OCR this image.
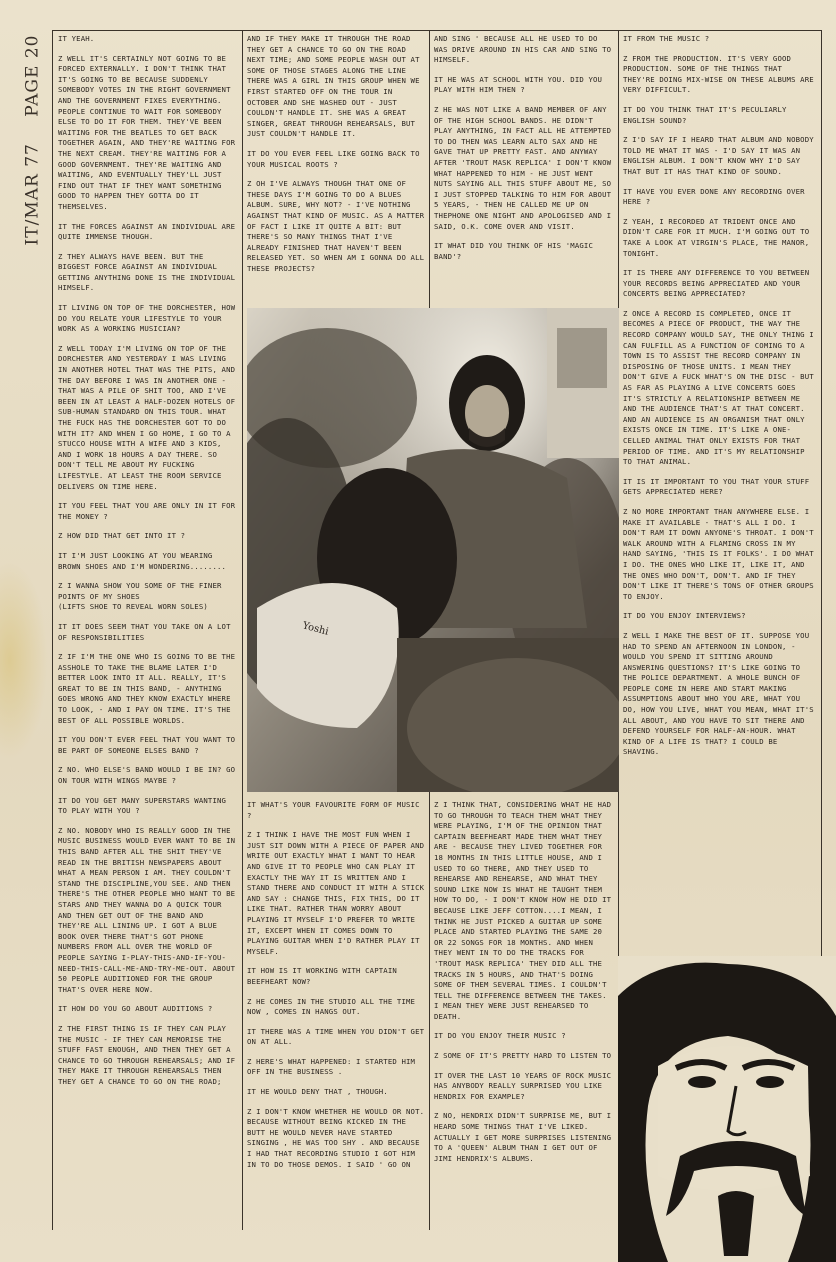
IT/MAR 77 PAGE 20 IT YEAH.

Z WELL IT'S CERTAINLY NOT GOING TO BE FORCED EXTERNALLY. I DON'T THINK THAT IT'S GOING TO BE BECAUSE SUDDENLY SOMEBODY VOTES IN THE RIGHT GOVERNMENT AND THE GOVERNMENT FIXES EVERYTHING. PEOPLE CONTINUE TO WAIT FOR SOMEBODY ELSE TO DO IT FOR THEM. THEY'VE BEEN WAITING FOR THE BEATLES TO GET BACK TOGETHER AGAIN, AND THEY'RE WAITING FOR THE NEXT CREAM. THEY'RE WAITING FOR A GOOD GOVERNMENT. THEY'RE WAITING AND WAITING, AND EVENTUALLY THEY'LL JUST FIND OUT THAT IF THEY WANT SOMETHING GOOD TO HAPPEN THEY GOTTA DO IT THEMSELVES.

IT THE FORCES AGAINST AN INDIVIDUAL ARE QUITE IMMENSE THOUGH.

Z THEY ALWAYS HAVE BEEN. BUT THE BIGGEST FORCE AGAINST AN INDIVIDUAL GETTING ANYTHING DONE IS THE INDIVIDUAL HIMSELF.

IT LIVING ON TOP OF THE DORCHESTER, HOW DO YOU RELATE YOUR LIFESTYLE TO YOUR WORK AS A WORKING MUSICIAN?

Z WELL TODAY I'M LIVING ON TOP OF THE DORCHESTER AND YESTERDAY I WAS LIVING IN ANOTHER HOTEL THAT WAS THE PITS, AND THE DAY BEFORE I WAS IN ANOTHER ONE - THAT WAS A PILE OF SHIT TOO, AND I'VE BEEN IN AT LEAST A HALF-DOZEN HOTELS OF SUB-HUMAN STANDARD ON THIS TOUR. WHAT THE FUCK HAS THE DORCHESTER GOT TO DO WITH IT? AND WHEN I GO HOME, I GO TO A STUCCO HOUSE WITH A WIFE AND 3 KIDS, AND I WORK 18 HOURS A DAY THERE. SO DON'T TELL ME ABOUT MY FUCKING LIFESTYLE. AT LEAST THE ROOM SERVICE DELIVERS ON TIME HERE.

IT YOU FEEL THAT YOU ARE ONLY IN IT FOR THE MONEY ?

Z HOW DID THAT GET INTO IT ?

IT I'M JUST LOOKING AT YOU WEARING BROWN SHOES AND I'M WONDERING........

Z I WANNA SHOW YOU SOME OF THE FINER POINTS OF MY SHOES
(LIFTS SHOE TO REVEAL WORN SOLES)

IT IT DOES SEEM THAT YOU TAKE ON A LOT OF RESPONSIBILITIES

Z IF I'M THE ONE WHO IS GOING TO BE THE ASSHOLE TO TAKE THE BLAME LATER I'D BETTER LOOK INTO IT ALL. REALLY, IT'S GREAT TO BE IN THIS BAND, - ANYTHING GOES WRONG AND THEY KNOW EXACTLY WHERE TO LOOK, - AND I PAY ON TIME. IT'S THE BEST OF ALL POSSIBLE WORLDS.

IT YOU DON'T EVER FEEL THAT YOU WANT TO BE PART OF SOMEONE ELSES BAND ?

Z NO. WHO ELSE'S BAND WOULD I BE IN? GO ON TOUR WITH WINGS MAYBE ?

IT DO YOU GET MANY SUPERSTARS WANTING TO PLAY WITH YOU ?

Z NO. NOBODY WHO IS REALLY GOOD IN THE MUSIC BUSINESS WOULD EVER WANT TO BE IN THIS BAND AFTER ALL THE SHIT THEY'VE READ IN THE BRITISH NEWSPAPERS ABOUT WHAT A MEAN PERSON I AM. THEY COULDN'T STAND THE DISCIPLINE,YOU SEE. AND THEN THERE'S THE OTHER PEOPLE WHO WANT TO BE STARS AND THEY WANNA DO A QUICK TOUR AND THEN GET OUT OF THE BAND AND THEY'RE ALL LINING UP. I GOT A BLUE BOOK OVER THERE THAT'S GOT PHONE NUMBERS FROM ALL OVER THE WORLD OF PEOPLE SAYING I-PLAY-THIS-AND-IF-YOU-NEED-THIS-CALL-ME-AND-TRY-ME-OUT. ABOUT 50 PEOPLE AUDITIONED FOR THE GROUP THAT'S OVER HERE NOW.

IT HOW DO YOU GO ABOUT AUDITIONS ?

Z THE FIRST THING IS IF THEY CAN PLAY THE MUSIC - IF THEY CAN MEMORISE THE STUFF FAST ENOUGH, AND THEN THEY GET A CHANCE TO GO THROUGH REHEARSALS; AND IF THEY MAKE IT THROUGH REHEARSALS THEN THEY GET A CHANCE TO GO ON THE ROAD;

AND IF THEY MAKE IT THROUGH THE ROAD THEY GET A CHANCE TO GO ON THE ROAD NEXT TIME; AND SOME PEOPLE WASH OUT AT SOME OF THOSE STAGES ALONG THE LINE THERE WAS A GIRL IN THIS GROUP WHEN WE FIRST STARTED OFF ON THE TOUR IN OCTOBER AND SHE WASHED OUT - JUST COULDN'T HANDLE IT. SHE WAS A GREAT SINGER, GREAT THROUGH REHEARSALS, BUT JUST COULDN'T HANDLE IT.

IT DO YOU EVER FEEL LIKE GOING BACK TO YOUR MUSICAL ROOTS ?

Z OH I'VE ALWAYS THOUGH THAT ONE OF THESE DAYS I'M GOING TO DO A BLUES ALBUM. SURE, WHY NOT? - I'VE NOTHING AGAINST THAT KIND OF MUSIC. AS A MATTER OF FACT I LIKE IT QUITE A BIT: BUT THERE'S SO MANY THINGS THAT I'VE ALREADY FINISHED THAT HAVEN'T BEEN RELEASED YET. SO WHEN AM I GONNA DO ALL THESE PROJECTS?

Yoshi

IT WHAT'S YOUR FAVOURITE FORM OF MUSIC ?

Z I THINK I HAVE THE MOST FUN WHEN I JUST SIT DOWN WITH A PIECE OF PAPER AND WRITE OUT EXACTLY WHAT I WANT TO HEAR AND GIVE IT TO PEOPLE WHO CAN PLAY IT EXACTLY THE WAY IT IS WRITTEN AND I STAND THERE AND CONDUCT IT WITH A STICK AND SAY : CHANGE THIS, FIX THIS, DO IT LIKE THAT. RATHER THAN WORRY ABOUT PLAYING IT MYSELF I'D PREFER TO WRITE IT, EXCEPT WHEN IT COMES DOWN TO PLAYING GUITAR WHEN I'D RATHER PLAY IT MYSELF.

IT HOW IS IT WORKING WITH CAPTAIN BEEFHEART NOW?

Z HE COMES IN THE STUDIO ALL THE TIME NOW , COMES IN HANGS OUT.

IT THERE WAS A TIME WHEN YOU DIDN'T GET ON AT ALL.

Z HERE'S WHAT HAPPENED: I STARTED HIM OFF IN THE BUSINESS .

IT HE WOULD DENY THAT , THOUGH.

Z I DON'T KNOW WHETHER HE WOULD OR NOT. BECAUSE WITHOUT BEING KICKED IN THE BUTT HE WOULD NEVER HAVE STARTED SINGING , HE WAS TOO SHY . AND BECAUSE I HAD THAT RECORDING STUDIO I GOT HIM IN TO DO THOSE DEMOS. I SAID ' GO ON

AND SING ' BECAUSE ALL HE USED TO DO WAS DRIVE AROUND IN HIS CAR AND SING TO HIMSELF.

IT HE WAS AT SCHOOL WITH YOU. DID YOU PLAY WITH HIM THEN ?

Z HE WAS NOT LIKE A BAND MEMBER OF ANY OF THE HIGH SCHOOL BANDS. HE DIDN'T PLAY ANYTHING, IN FACT ALL HE ATTEMPTED TO DO THEN WAS LEARN ALTO SAX AND HE GAVE THAT UP PRETTY FAST. AND ANYWAY AFTER 'TROUT MASK REPLICA' I DON'T KNOW WHAT HAPPENED TO HIM - HE JUST WENT NUTS SAYING ALL THIS STUFF ABOUT ME, SO I JUST STOPPED TALKING TO HIM FOR ABOUT 5 YEARS, - THEN HE CALLED ME UP ON THEPHONE ONE NIGHT AND APOLOGISED AND I SAID, O.K. COME OVER AND VISIT.

IT WHAT DID YOU THINK OF HIS 'MAGIC BAND'?

Z I THINK THAT, CONSIDERING WHAT HE HAD TO GO THROUGH TO TEACH THEM WHAT THEY WERE PLAYING, I'M OF THE OPINION THAT CAPTAIN BEEFHEART MADE THEM WHAT THEY ARE - BECAUSE THEY LIVED TOGETHER FOR 18 MONTHS IN THIS LITTLE HOUSE, AND I USED TO GO THERE, AND THEY USED TO REHEARSE AND REHEARSE, AND WHAT THEY SOUND LIKE NOW IS WHAT HE TAUGHT THEM HOW TO DO, - I DON'T KNOW HOW HE DID IT BECAUSE LIKE JEFF COTTON....I MEAN, I THINK HE JUST PICKED A GUITAR UP SOME PLACE AND STARTED PLAYING THE SAME 20 OR 22 SONGS FOR 18 MONTHS. AND WHEN THEY WENT IN TO DO THE TRACKS FOR 'TROUT MASK REPLICA' THEY DID ALL THE TRACKS IN 5 HOURS, AND THAT'S DOING SOME OF THEM SEVERAL TIMES. I COULDN'T TELL THE DIFFERENCE BETWEEN THE TAKES. I MEAN THEY WERE JUST REHEARSED TO DEATH.

IT DO YOU ENJOY THEIR MUSIC ?

Z SOME OF IT'S PRETTY HARD TO LISTEN TO

IT OVER THE LAST 10 YEARS OF ROCK MUSIC HAS ANYBODY REALLY SURPRISED YOU LIKE HENDRIX FOR EXAMPLE?

Z NO, HENDRIX DIDN'T SURPRISE ME, BUT I HEARD SOME THINGS THAT I'VE LIKED. ACTUALLY I GET MORE SURPRISES LISTENING TO A 'QUEEN' ALBUM THAN I GET OUT OF JIMI HENDRIX'S ALBUMS.

IT FROM THE MUSIC ?

Z FROM THE PRODUCTION. IT'S VERY GOOD PRODUCTION. SOME OF THE THINGS THAT THEY'RE DOING MIX-WISE ON THESE ALBUMS ARE VERY DIFFICULT.

IT DO YOU THINK THAT IT'S PECULIARLY ENGLISH SOUND?

Z I'D SAY IF I HEARD THAT ALBUM AND NOBODY TOLD ME WHAT IT WAS - I'D SAY IT WAS AN ENGLISH ALBUM. I DON'T KNOW WHY I'D SAY THAT BUT IT HAS THAT KIND OF SOUND.

IT HAVE YOU EVER DONE ANY RECORDING OVER HERE ?

Z YEAH, I RECORDED AT TRIDENT ONCE AND DIDN'T CARE FOR IT MUCH. I'M GOING OUT TO TAKE A LOOK AT VIRGIN'S PLACE, THE MANOR, TONIGHT.

IT IS THERE ANY DIFFERENCE TO YOU BETWEEN YOUR RECORDS BEING APPRECIATED AND YOUR CONCERTS BEING APPRECIATED?

Z ONCE A RECORD IS COMPLETED, ONCE IT BECOMES A PIECE OF PRODUCT, THE WAY THE RECORD COMPANY WOULD SAY, THE ONLY THING I CAN FULFILL AS A FUNCTION OF COMING TO A TOWN IS TO ASSIST THE RECORD COMPANY IN DISPOSING OF THOSE UNITS. I MEAN THEY DON'T GIVE A FUCK WHAT'S ON THE DISC - BUT AS FAR AS PLAYING A LIVE CONCERTS GOES IT'S STRICTLY A RELATIONSHIP BETWEEN ME AND THE AUDIENCE THAT'S AT THAT CONCERT. AND AN AUDIENCE IS AN ORGANISM THAT ONLY EXISTS ONCE IN TIME. IT'S LIKE A ONE-CELLED ANIMAL THAT ONLY EXISTS FOR THAT PERIOD OF TIME. AND IT'S MY RELATIONSHIP TO THAT ANIMAL.

IT IS IT IMPORTANT TO YOU THAT YOUR STUFF GETS APPRECIATED HERE?

Z NO MORE IMPORTANT THAN ANYWHERE ELSE. I MAKE IT AVAILABLE - THAT'S ALL I DO. I DON'T RAM IT DOWN ANYONE'S THROAT. I DON'T WALK AROUND WITH A FLAMING CROSS IN MY HAND SAYING, 'THIS IS IT FOLKS'. I DO WHAT I DO. THE ONES WHO LIKE IT, LIKE IT, AND THE ONES WHO DON'T, DON'T. AND IF THEY DON'T LIKE IT THERE'S TONS OF OTHER GROUPS TO ENJOY.

IT DO YOU ENJOY INTERVIEWS?

Z WELL I MAKE THE BEST OF IT. SUPPOSE YOU HAD TO SPEND AN AFTERNOON IN LONDON, - WOULD YOU SPEND IT SITTING AROUND ANSWERING QUESTIONS? IT'S LIKE GOING TO THE POLICE DEPARTMENT. A WHOLE BUNCH OF PEOPLE COME IN HERE AND START MAKING ASSUMPTIONS ABOUT WHO YOU ARE, WHAT YOU DO, HOW YOU LIVE, WHAT YOU MEAN, WHAT IT'S ALL ABOUT, AND YOU HAVE TO SIT THERE AND DEFEND YOURSELF FOR HALF-AN-HOUR. WHAT KIND OF A LIFE IS THAT? I COULD BE SHAVING.
